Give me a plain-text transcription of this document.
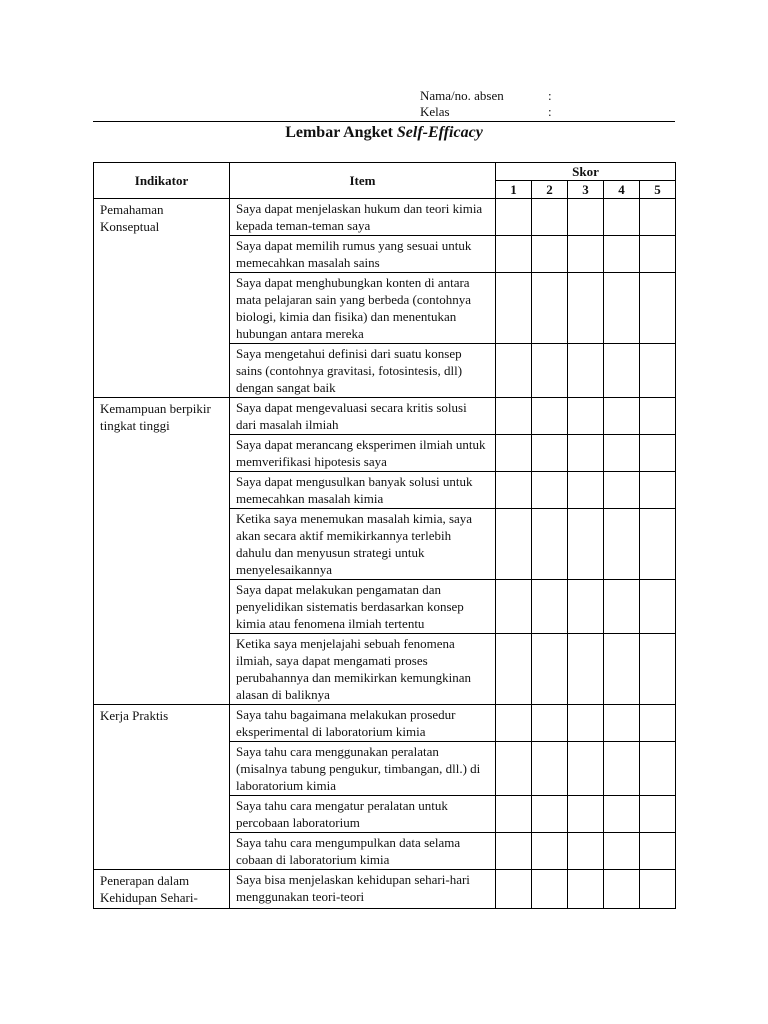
Nama/no. absen	:
Kelas	:
Lembar Angket Self-Efficacy
Indikator	Item	Skor				
		1	2	3	4	5
Pemahaman Konseptual	Saya dapat menjelaskan hukum dan teori kimia kepada teman-teman saya					
	Saya dapat memilih rumus yang sesuai untuk memecahkan masalah sains					
	Saya dapat menghubungkan konten di antara mata pelajaran sain yang berbeda (contohnya biologi, kimia dan fisika) dan menentukan hubungan antara mereka					
	Saya mengetahui definisi dari suatu konsep sains (contohnya gravitasi, fotosintesis, dll) dengan sangat baik					
Kemampuan berpikir tingkat tinggi	Saya dapat mengevaluasi secara kritis solusi dari masalah ilmiah					
	Saya dapat merancang eksperimen ilmiah untuk memverifikasi hipotesis saya					
	Saya dapat mengusulkan banyak solusi untuk memecahkan masalah kimia					
	Ketika saya menemukan masalah kimia, saya akan secara aktif memikirkannya terlebih dahulu dan menyusun strategi untuk menyelesaikannya					
	Saya dapat melakukan pengamatan dan penyelidikan sistematis berdasarkan konsep kimia atau fenomena ilmiah tertentu					
	Ketika saya menjelajahi sebuah fenomena ilmiah, saya dapat mengamati proses perubahannya dan memikirkan kemungkinan alasan di baliknya					
Kerja Praktis	Saya tahu bagaimana melakukan prosedur eksperimental di laboratorium kimia					
	Saya tahu cara menggunakan peralatan (misalnya tabung pengukur, timbangan, dll.) di laboratorium kimia					
	Saya tahu cara mengatur peralatan untuk percobaan laboratorium					
	Saya tahu cara mengumpulkan data selama cobaan di laboratorium kimia					
Penerapan dalam Kehidupan Sehari-	Saya bisa menjelaskan kehidupan sehari-hari menggunakan teori-teori					
